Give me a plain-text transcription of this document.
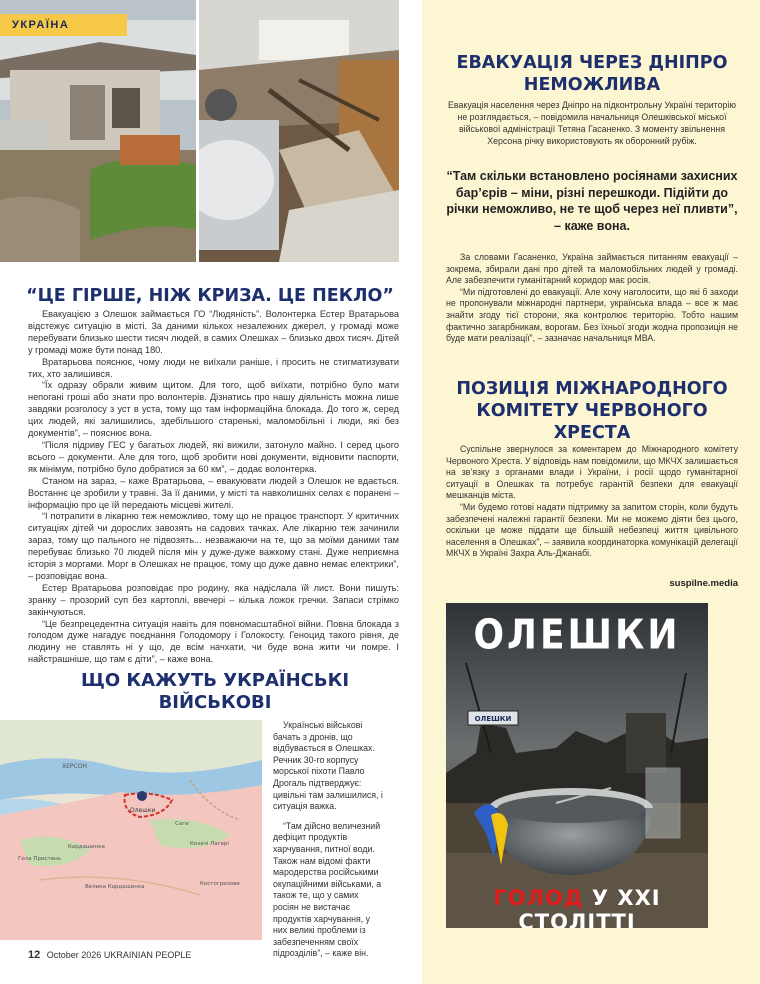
УКРАЇНА
“ЦЕ ГІРШЕ, НІЖ КРИЗА. ЦЕ ПЕКЛО”

Евакуацією з Олешок займається ГО “Людяність”. Волонтерка Естер Вратарьова відстежує ситуацію в місті. За даними кількох незалежних джерел, у громаді може перебувати близько шести тисяч людей, в самих Олешках – близько двох тисяч. Дітей у громаді може бути понад 180.

Вратарьова пояснює, чому люди не виїхали раніше, і просить не стигматизувати тих, хто залишився.

“Їх одразу обрали живим щитом. Для того, щоб виїхати, потрібно було мати непогані гроші або знати про волонтерів. Дізнатись про нашу діяльність можна лише завдяки розголосу з уст в уста, тому що там інформаційна блокада. До того ж, серед цих людей, які залишились, здебільшого старенькі, маломобільні і люди, які без документів”, – пояснює вона.

“Після підриву ГЕС у багатьох людей, які вижили, затонуло майно. І серед цього всього – документи. Але для того, щоб зробити нові документи, відновити паспорти, як мінімум, потрібно було добратися за 60 км”, – додає волонтерка.

Станом на зараз, – каже Вратарьова, – евакуювати людей з Олешок не вдається. Востаннє це зробили у травні. За її даними, у місті та навколишніх селах є поранені – інформацію про це їй передають місцеві жителі.

“І потрапити в лікарню теж неможливо, тому що не працює транспорт. У критичних ситуаціях дітей чи дорослих завозять на садових тачках. Але лікарню теж зачинили зараз, тому що пального не підвозять... незважаючи на те, що за моїми даними там перебуває близько 70 людей після мін у дуже-дуже важкому стані. Дуже неприємна історія з моргами. Морг в Олешках не працює, тому що дуже давно немає електрики”, – розповідає вона.

Естер Вратарьова розповідає про родину, яка надіслала їй лист. Вони пишуть: зранку – прозорий суп без картоплі, ввечері – кілька ложок гречки. Запаси стрімко закінчуються.

“Це безпрецедентна ситуація навіть для повномасштабної війни. Повна блокада з голодом дуже нагадує поєднання Голодомору і Голокосту. Геноцид такого рівня, де людину не ставлять ні у що, де всім начхати, чи буде вона жити чи помре. І найстрашніше, що там є діти”, – каже вона.

ЩО КАЖУТЬ УКРАЇНСЬКІ ВІЙСЬКОВІ
ХЕРСОН
Олешки
Саги
Кардашинка
Гола Пристань
Велика Кардашинка	Костогризове
Козачі Лагері

Українські військові бачать з дронів, що відбувається в Олешках. Речник 30-го корпусу морської піхоти Павло Дрогаль підтверджує: цивільні там залишилися, і ситуація важка.

“Там дійсно величезний дефіцит продуктів харчування, питної води. Також нам відомі факти мародерства російськими окупаційними військами, а також те, що у самих росіян не вистачає продуктів харчування, у них великі проблеми із забезпеченням своїх підрозділів”, – каже він.

12 October 2026 UKRAINIAN PEOPLE
ЕВАКУАЦІЯ ЧЕРЕЗ ДНІПРО НЕМОЖЛИВА
Евакуація населення через Дніпро на підконтрольну Україні територію не розглядається, – повідомила начальниця Олешківської міської військової адміністрації Тетяна Гасаненко. З моменту звільнення Херсона річку використовують як оборонний рубіж.
“Там скільки встановлено росіянами захисних бар’єрів – міни, різні перешкоди. Підійти до річки неможливо, не те щоб через неї пливти”, – каже вона.

За словами Гасаненко, Україна займається питанням евакуації – зокрема, збирали дані про дітей та маломобільних людей у громаді. Але забезпечити гуманітарний коридор має росія.

“Ми підготовлені до евакуації. Але хочу наголосити, що які б заходи не пропонували міжнародні партнери, українська влада – все ж має знайти згоду тієї сторони, яка контролює територію. Тобто нашим фактично загарбникам, ворогам. Без їхньої згоди жодна пропозиція не буде мати реалізації”, – зазначає начальниця МВА.

ПОЗИЦІЯ МІЖНАРОДНОГО КОМІТЕТУ ЧЕРВОНОГО ХРЕСТА

Суспільне звернулося за коментарем до Міжнародного комітету Червоного Хреста. У відповідь нам повідомили, що МКЧХ залишається на зв’язку з органами влади і України, і росії щодо гуманітарної ситуації в Олешках та потребує гарантій безпеки для евакуації мешканців міста.

“Ми будемо готові надати підтримку за запитом сторін, коли будуть забезпечені належні гарантії безпеки. Ми не можемо діяти без цього, оскільки це може піддати ще більшій небезпеці життя цивільного населення в Олешках”, – заявила координаторка комунікацій делегації МКЧХ в Україні Захра Аль-Джанабі.

suspilne.media
ОЛЕШКИ
ОЛЕШКИ
ГОЛОД У XXI СТОЛІТТІ
